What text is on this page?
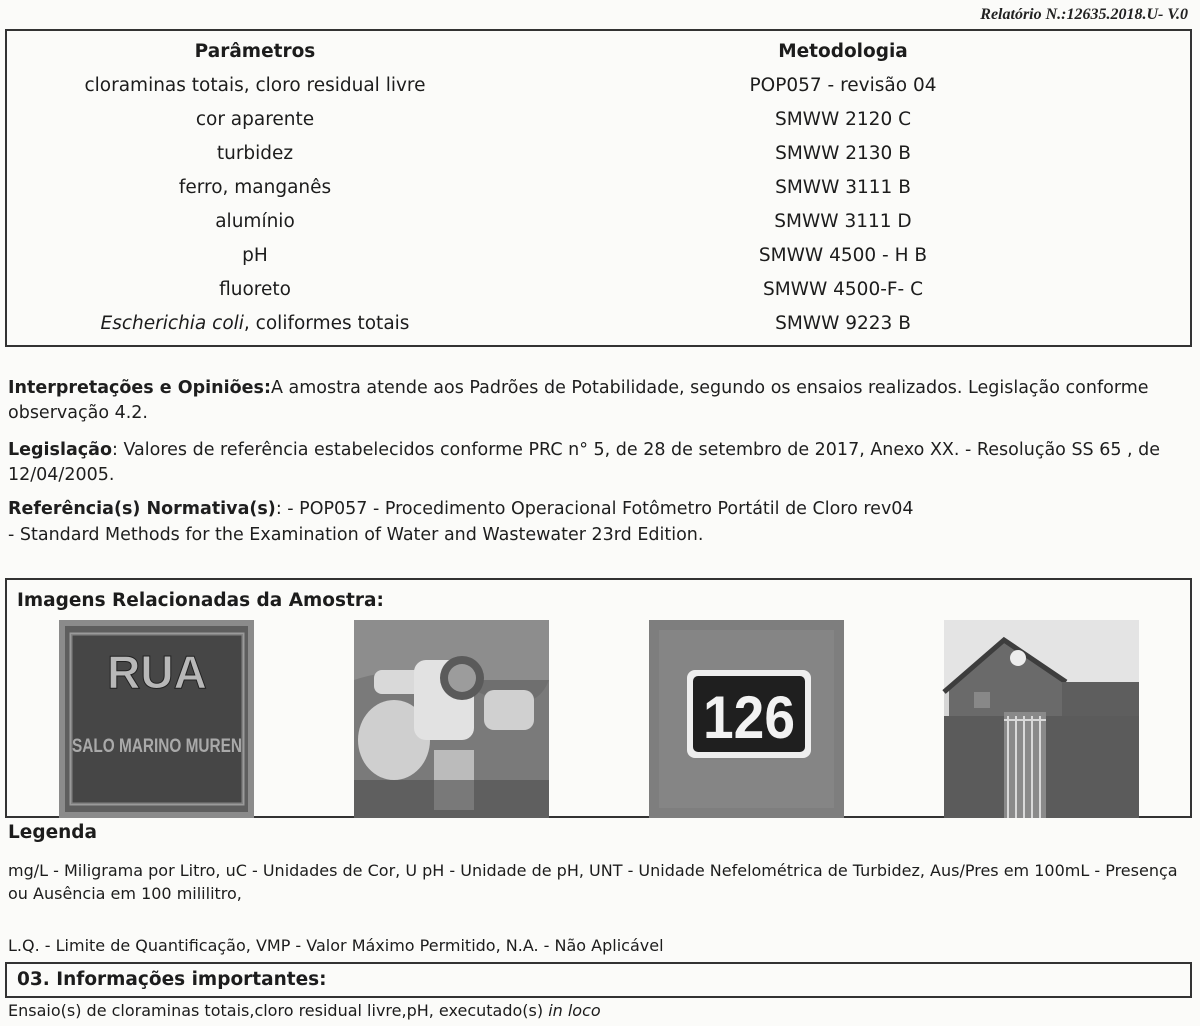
Relatório N.:12635.2018.U- V.0
Parâmetros	Metodologia
cloraminas totais, cloro residual livre	POP057 - revisão 04
cor aparente	SMWW 2120 C
turbidez	SMWW 2130 B
ferro, manganês	SMWW 3111 B
alumínio	SMWW 3111 D
pH	SMWW 4500 - H B
fluoreto	SMWW 4500-F- C
Escherichia coli, coliformes totais	SMWW 9223 B
Interpretações e Opiniões:A amostra atende aos Padrões de Potabilidade, segundo os ensaios realizados. Legislação conforme observação 4.2.
Legislação: Valores de referência estabelecidos conforme PRC n° 5, de 28 de setembro de 2017, Anexo XX. - Resolução SS 65 , de 12/04/2005.
Referência(s) Normativa(s): - POP057 - Procedimento Operacional Fotômetro Portátil de Cloro rev04
- Standard Methods for the Examination of Water and Wastewater 23rd Edition.
Imagens Relacionadas da Amostra:
RUA
SALO MARINO MUREN	126
Legenda
mg/L - Miligrama por Litro, uC - Unidades de Cor, U pH - Unidade de pH, UNT - Unidade Nefelométrica de Turbidez, Aus/Pres em 100mL - Presença ou Ausência em 100 mililitro,
L.Q. - Limite de Quantificação, VMP - Valor Máximo Permitido, N.A. - Não Aplicável
03. Informações importantes:
Ensaio(s) de cloraminas totais,cloro residual livre,pH, executado(s) in loco
